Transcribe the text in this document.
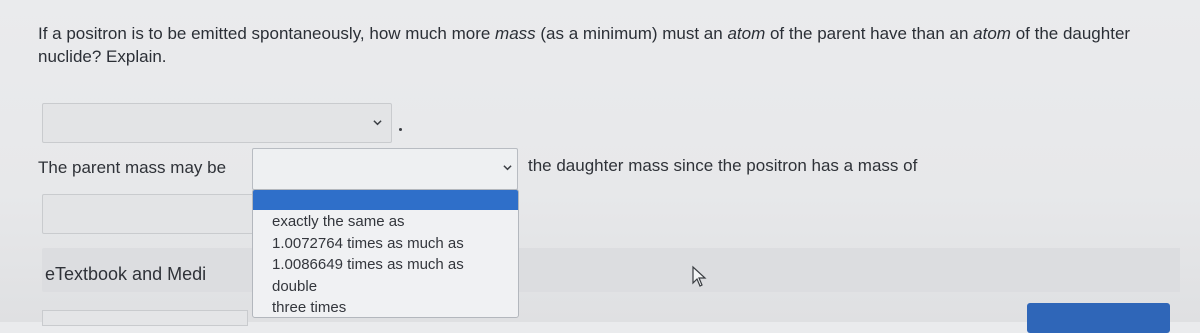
If a positron is to be emitted spontaneously, how much more mass (as a minimum) must an atom of the parent have than an atom of the daughter nuclide? Explain.
The parent mass may be	the daughter mass since the positron has a mass of
eTextbook and Medi
exactly the same as
1.0072764 times as much as
1.0086649 times as much as
double
three times
